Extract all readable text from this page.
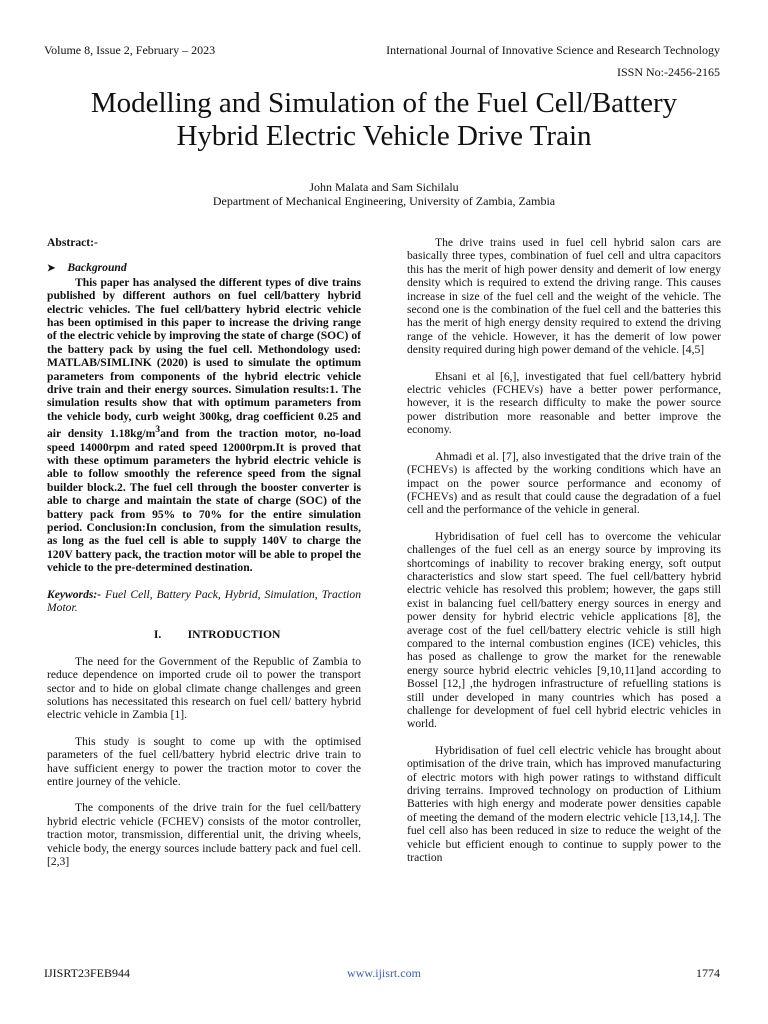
Volume 8, Issue 2, February – 2023	International Journal of Innovative Science and Research Technology
ISSN No:-2456-2165
Modelling and Simulation of the Fuel Cell/Battery
Hybrid Electric Vehicle Drive Train
John Malata and Sam Sichilalu
Department of Mechanical Engineering, University of Zambia, Zambia

Abstract:-

➤ Background

This paper has analysed the different types of dive trains published by different authors on fuel cell/battery hybrid electric vehicles. The fuel cell/battery hybrid electric vehicle has been optimised in this paper to increase the driving range of the electric vehicle by improving the state of charge (SOC) of the battery pack by using the fuel cell. Methondology used: MATLAB/SIMLINK (2020) is used to simulate the optimum parameters from components of the hybrid electric vehicle drive train and their energy sources. Simulation results:1. The simulation results show that with optimum parameters from the vehicle body, curb weight 300kg, drag coefficient 0.25 and air density $1.18kg/m^3and$ from the traction motor, no-load speed 14000rpm and rated speed 12000rpm.It is proved that with these optimum parameters the hybrid electric vehicle is able to follow smoothly the reference speed from the signal builder block.2. The fuel cell through the booster converter is able to charge and maintain the state of charge (SOC) of the battery pack from 95% to 70% for the entire simulation period. Conclusion:In conclusion, from the simulation results, as long as the fuel cell is able to supply 140V to charge the 120V battery pack, the traction motor will be able to propel the vehicle to the pre-determined destination.

Keywords:- Fuel Cell, Battery Pack, Hybrid, Simulation, Traction Motor.

I. INTRODUCTION

The need for the Government of the Republic of Zambia to reduce dependence on imported crude oil to power the transport sector and to hide on global climate change challenges and green solutions has necessitated this research on fuel cell/ battery hybrid electric vehicle in Zambia [1].

This study is sought to come up with the optimised parameters of the fuel cell/battery hybrid electric drive train to have sufficient energy to power the traction motor to cover the entire journey of the vehicle.

The components of the drive train for the fuel cell/battery hybrid electric vehicle (FCHEV) consists of the motor controller, traction motor, transmission, differential unit, the driving wheels, vehicle body, the energy sources include battery pack and fuel cell. [2,3]

The drive trains used in fuel cell hybrid salon cars are basically three types, combination of fuel cell and ultra capacitors this has the merit of high power density and demerit of low energy density which is required to extend the driving range. This causes increase in size of the fuel cell and the weight of the vehicle. The second one is the combination of the fuel cell and the batteries this has the merit of high energy density required to extend the driving range of the vehicle. However, it has the demerit of low power density required during high power demand of the vehicle. [4,5]

Ehsani et al [6,], investigated that fuel cell/battery hybrid electric vehicles (FCHEVs) have a better power performance, however, it is the research difficulty to make the power source power distribution more reasonable and better improve the economy.

Ahmadi et al. [7], also investigated that the drive train of the (FCHEVs) is affected by the working conditions which have an impact on the power source performance and economy of (FCHEVs) and as result that could cause the degradation of a fuel cell and the performance of the vehicle in general.

Hybridisation of fuel cell has to overcome the vehicular challenges of the fuel cell as an energy source by improving its shortcomings of inability to recover braking energy, soft output characteristics and slow start speed. The fuel cell/battery hybrid electric vehicle has resolved this problem; however, the gaps still exist in balancing fuel cell/battery energy sources in energy and power density for hybrid electric vehicle applications [8], the average cost of the fuel cell/battery electric vehicle is still high compared to the internal combustion engines (ICE) vehicles, this has posed as challenge to grow the market for the renewable energy source hybrid electric vehicles [9,10,11]and according to Bossel [12,] ,the hydrogen infrastructure of refuelling stations is still under developed in many countries which has posed a challenge for development of fuel cell hybrid electric vehicles in world.

Hybridisation of fuel cell electric vehicle has brought about optimisation of the drive train, which has improved manufacturing of electric motors with high power ratings to withstand difficult driving terrains. Improved technology on production of Lithium Batteries with high energy and moderate power densities capable of meeting the demand of the modern electric vehicle [13,14,]. The fuel cell also has been reduced in size to reduce the weight of the vehicle but efficient enough to continue to supply power to the traction

IJISRT23FEB944	www.ijisrt.com	1774
